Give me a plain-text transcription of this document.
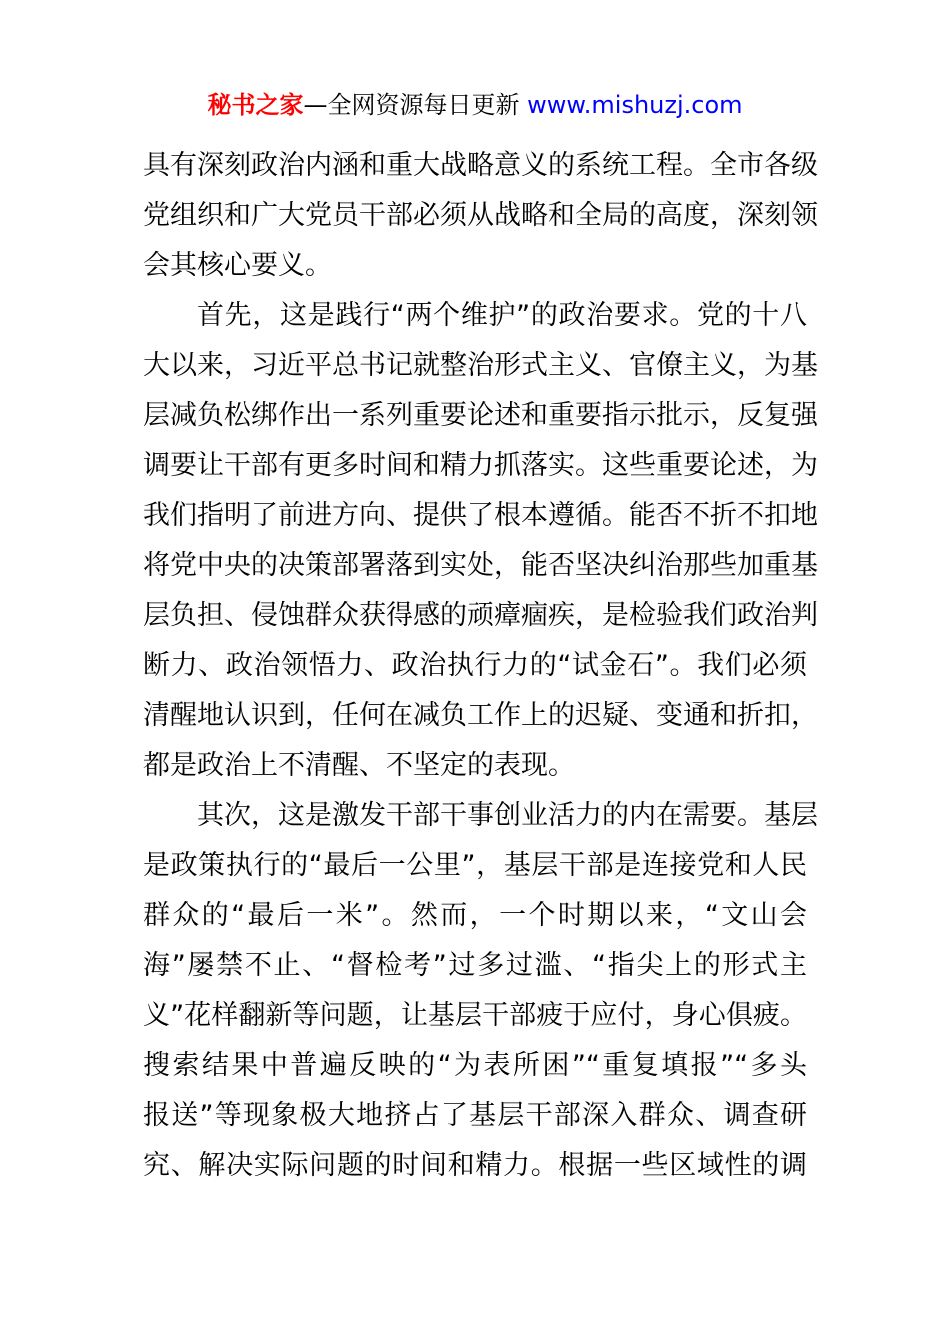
秘书之家—全网资源每日更新 www.mishuzj.com
具有深刻政治内涵和重大战略意义的系统工程。全市各级
党组织和广大党员干部必须从战略和全局的高度，深刻领
会其核心要义。
首先，这是践行“两个维护”的政治要求。党的十八
大以来，习近平总书记就整治形式主义、官僚主义，为基
层减负松绑作出一系列重要论述和重要指示批示，反复强
调要让干部有更多时间和精力抓落实。这些重要论述，为
我们指明了前进方向、提供了根本遵循。能否不折不扣地
将党中央的决策部署落到实处，能否坚决纠治那些加重基
层负担、侵蚀群众获得感的顽瘴痼疾，是检验我们政治判
断力、政治领悟力、政治执行力的“试金石”。我们必须
清醒地认识到，任何在减负工作上的迟疑、变通和折扣，
都是政治上不清醒、不坚定的表现。
其次，这是激发干部干事创业活力的内在需要。基层
是政策执行的“最后一公里”，基层干部是连接党和人民
群众的“最后一米”。然而，一个时期以来，“文山会
海”屡禁不止、“督检考”过多过滥、“指尖上的形式主
义”花样翻新等问题，让基层干部疲于应付，身心俱疲。
搜索结果中普遍反映的“为表所困”“重复填报”“多头
报送”等现象极大地挤占了基层干部深入群众、调查研
究、解决实际问题的时间和精力。根据一些区域性的调
